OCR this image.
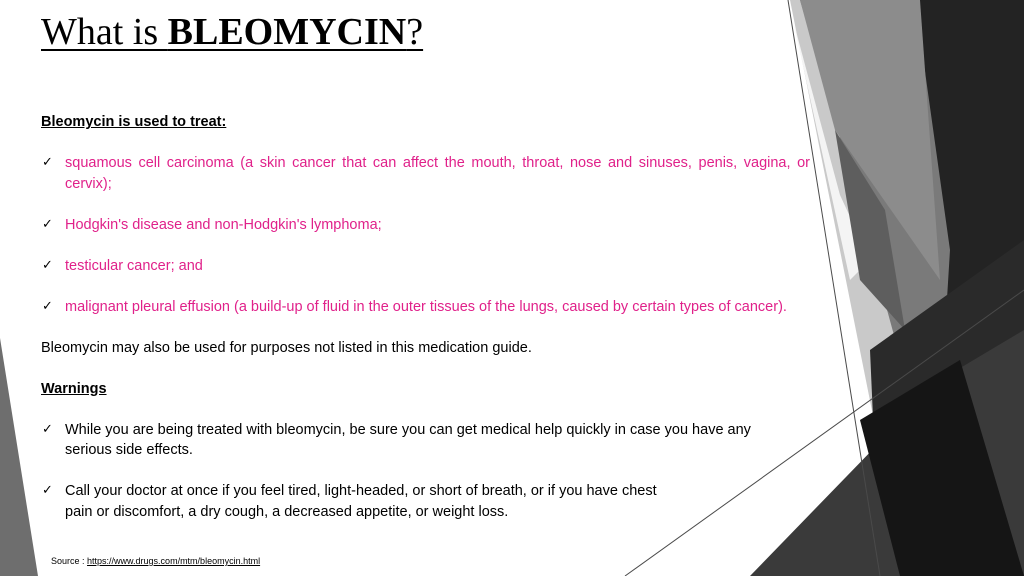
What is BLEOMYCIN?

Bleomycin is used to treat:

✓ squamous cell carcinoma (a skin cancer that can affect the mouth, throat, nose and sinuses, penis, vagina, or cervix);
✓ Hodgkin's disease and non-Hodgkin's lymphoma;
✓ testicular cancer; and
✓ malignant pleural effusion (a build-up of fluid in the outer tissues of the lungs, caused by certain types of cancer).

Bleomycin may also be used for purposes not listed in this medication guide.

Warnings

✓ While you are being treated with bleomycin, be sure you can get medical help quickly in case you have any serious side effects.
✓ Call your doctor at once if you feel tired, light-headed, or short of breath, or if you have chest pain or discomfort, a dry cough, a decreased appetite, or weight loss.
Source : https://www.drugs.com/mtm/bleomycin.html
